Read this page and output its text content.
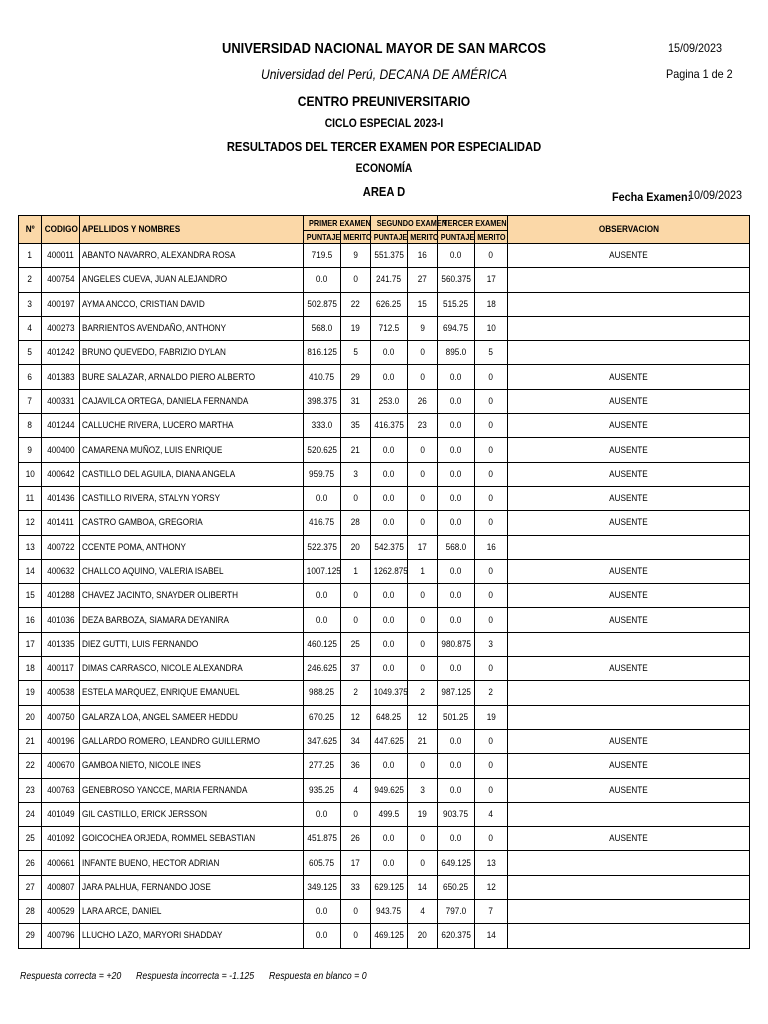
UNIVERSIDAD NACIONAL MAYOR DE SAN MARCOS
Universidad del Perú, DECANA DE AMÉRICA
CENTRO PREUNIVERSITARIO
CICLO ESPECIAL 2023-I
RESULTADOS DEL TERCER EXAMEN POR ESPECIALIDAD
ECONOMÍA
AREA D
15/09/2023
Pagina 1 de 2
Fecha Examen:
10/09/2023
Nº	CODIGO	APELLIDOS Y NOMBRES	PRIMER EXAMEN		SEGUNDO EXAMEN		TERCER EXAMEN		OBSERVACION
			PUNTAJE	MERITO	PUNTAJE	MERITO	PUNTAJE	MERITO	
1	400011	ABANTO NAVARRO, ALEXANDRA ROSA	719.5	9	551.375	16	0.0	0	AUSENTE
2	400754	ANGELES CUEVA, JUAN ALEJANDRO	0.0	0	241.75	27	560.375	17	
3	400197	AYMA ANCCO, CRISTIAN DAVID	502.875	22	626.25	15	515.25	18	
4	400273	BARRIENTOS AVENDAÑO, ANTHONY	568.0	19	712.5	9	694.75	10	
5	401242	BRUNO QUEVEDO, FABRIZIO DYLAN	816.125	5	0.0	0	895.0	5	
6	401383	BURE SALAZAR, ARNALDO PIERO ALBERTO	410.75	29	0.0	0	0.0	0	AUSENTE
7	400331	CAJAVILCA ORTEGA, DANIELA FERNANDA	398.375	31	253.0	26	0.0	0	AUSENTE
8	401244	CALLUCHE RIVERA, LUCERO MARTHA	333.0	35	416.375	23	0.0	0	AUSENTE
9	400400	CAMARENA MUÑOZ, LUIS ENRIQUE	520.625	21	0.0	0	0.0	0	AUSENTE
10	400642	CASTILLO DEL AGUILA, DIANA ANGELA	959.75	3	0.0	0	0.0	0	AUSENTE
11	401436	CASTILLO RIVERA, STALYN YORSY	0.0	0	0.0	0	0.0	0	AUSENTE
12	401411	CASTRO GAMBOA, GREGORIA	416.75	28	0.0	0	0.0	0	AUSENTE
13	400722	CCENTE POMA, ANTHONY	522.375	20	542.375	17	568.0	16	
14	400632	CHALLCO AQUINO, VALERIA ISABEL	1007.125	1	1262.875	1	0.0	0	AUSENTE
15	401288	CHAVEZ JACINTO, SNAYDER OLIBERTH	0.0	0	0.0	0	0.0	0	AUSENTE
16	401036	DEZA BARBOZA, SIAMARA DEYANIRA	0.0	0	0.0	0	0.0	0	AUSENTE
17	401335	DIEZ GUTTI, LUIS FERNANDO	460.125	25	0.0	0	980.875	3	
18	400117	DIMAS CARRASCO, NICOLE ALEXANDRA	246.625	37	0.0	0	0.0	0	AUSENTE
19	400538	ESTELA MARQUEZ, ENRIQUE EMANUEL	988.25	2	1049.375	2	987.125	2	
20	400750	GALARZA LOA, ANGEL SAMEER HEDDU	670.25	12	648.25	12	501.25	19	
21	400196	GALLARDO ROMERO, LEANDRO GUILLERMO	347.625	34	447.625	21	0.0	0	AUSENTE
22	400670	GAMBOA NIETO, NICOLE INES	277.25	36	0.0	0	0.0	0	AUSENTE
23	400763	GENEBROSO YANCCE, MARIA FERNANDA	935.25	4	949.625	3	0.0	0	AUSENTE
24	401049	GIL CASTILLO, ERICK JERSSON	0.0	0	499.5	19	903.75	4	
25	401092	GOICOCHEA ORJEDA, ROMMEL SEBASTIAN	451.875	26	0.0	0	0.0	0	AUSENTE
26	400661	INFANTE BUENO, HECTOR ADRIAN	605.75	17	0.0	0	649.125	13	
27	400807	JARA PALHUA, FERNANDO JOSE	349.125	33	629.125	14	650.25	12	
28	400529	LARA ARCE, DANIEL	0.0	0	943.75	4	797.0	7	
29	400796	LLUCHO LAZO, MARYORI SHADDAY	0.0	0	469.125	20	620.375	14	
Respuesta correcta = +20 Respuesta incorrecta = -1.125 Respuesta en blanco = 0
